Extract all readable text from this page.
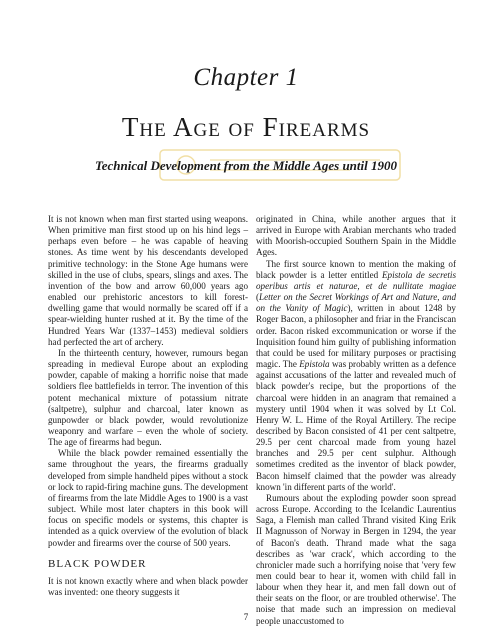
Chapter 1
The Age of Firearms
Technical Development from the Middle Ages until 1900

It is not known when man first started using weapons. When primitive man first stood up on his hind legs – perhaps even before – he was capable of heaving stones. As time went by his descendants developed primitive technology: in the Stone Age humans were skilled in the use of clubs, spears, slings and axes. The invention of the bow and arrow 60,000 years ago enabled our prehistoric ancestors to kill forest-dwelling game that would normally be scared off if a spear-wielding hunter rushed at it. By the time of the Hundred Years War (1337–1453) medieval soldiers had perfected the art of archery.

In the thirteenth century, however, rumours began spreading in medieval Europe about an exploding powder, capable of making a horrific noise that made soldiers flee battlefields in terror. The invention of this potent mechanical mixture of potassium nitrate (saltpetre), sulphur and charcoal, later known as gunpowder or black powder, would revolutionize weaponry and warfare – even the whole of society. The age of firearms had begun.

While the black powder remained essentially the same throughout the years, the firearms gradually developed from simple handheld pipes without a stock or lock to rapid-firing machine guns. The development of firearms from the late Middle Ages to 1900 is a vast subject. While most later chapters in this book will focus on specific models or systems, this chapter is intended as a quick overview of the evolution of black powder and firearms over the course of 500 years.

BLACK POWDER

It is not known exactly where and when black powder was invented: one theory suggests it

originated in China, while another argues that it arrived in Europe with Arabian merchants who traded with Moorish-occupied Southern Spain in the Middle Ages.

The first source known to mention the making of black powder is a letter entitled Epistola de secretis operibus artis et naturae, et de nullitate magiae (Letter on the Secret Workings of Art and Nature, and on the Vanity of Magic), written in about 1248 by Roger Bacon, a philosopher and friar in the Franciscan order. Bacon risked excommunication or worse if the Inquisition found him guilty of publishing information that could be used for military purposes or practising magic. The Epistola was probably written as a defence against accusations of the latter and revealed much of black powder's recipe, but the proportions of the charcoal were hidden in an anagram that remained a mystery until 1904 when it was solved by Lt Col. Henry W. L. Hime of the Royal Artillery. The recipe described by Bacon consisted of 41 per cent saltpetre, 29.5 per cent charcoal made from young hazel branches and 29.5 per cent sulphur. Although sometimes credited as the inventor of black powder, Bacon himself claimed that the powder was already known 'in different parts of the world'.

Rumours about the exploding powder soon spread across Europe. According to the Icelandic Laurentius Saga, a Flemish man called Thrand visited King Erik II Magnusson of Norway in Bergen in 1294, the year of Bacon's death. Thrand made what the saga describes as 'war crack', which according to the chronicler made such a horrifying noise that 'very few men could bear to hear it, women with child fall in labour when they hear it, and men fall down out of their seats on the floor, or are troubled otherwise'. The noise that made such an impression on medieval people unaccustomed to

7
